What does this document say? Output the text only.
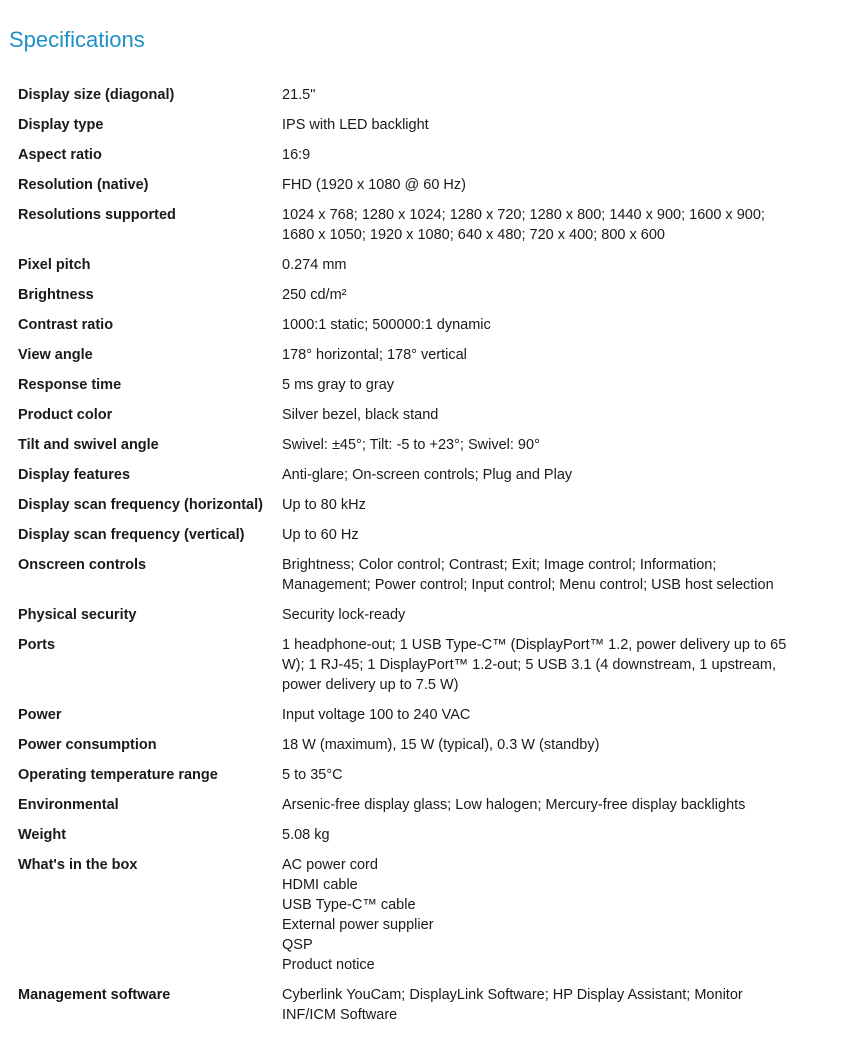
Specifications
Display size (diagonal)	21.5"
Display type	IPS with LED backlight
Aspect ratio	16:9
Resolution (native)	FHD (1920 x 1080 @ 60 Hz)
Resolutions supported	1024 x 768; 1280 x 1024; 1280 x 720; 1280 x 800; 1440 x 900; 1600 x 900;
1680 x 1050; 1920 x 1080; 640 x 480; 720 x 400; 800 x 600
Pixel pitch	0.274 mm
Brightness	250 cd/m²
Contrast ratio	1000:1 static; 500000:1 dynamic
View angle	178° horizontal; 178° vertical
Response time	5 ms gray to gray
Product color	Silver bezel, black stand
Tilt and swivel angle	Swivel: ±45°; Tilt: -5 to +23°; Swivel: 90°
Display features	Anti-glare; On-screen controls; Plug and Play
Display scan frequency (horizontal)	Up to 80 kHz
Display scan frequency (vertical)	Up to 60 Hz
Onscreen controls	Brightness; Color control; Contrast; Exit; Image control; Information;
Management; Power control; Input control; Menu control; USB host selection
Physical security	Security lock-ready
Ports	1 headphone-out; 1 USB Type-C™ (DisplayPort™ 1.2, power delivery up to 65
W); 1 RJ-45; 1 DisplayPort™ 1.2-out; 5 USB 3.1 (4 downstream, 1 upstream,
power delivery up to 7.5 W)
Power	Input voltage 100 to 240 VAC
Power consumption	18 W (maximum), 15 W (typical), 0.3 W (standby)
Operating temperature range	5 to 35°C
Environmental	Arsenic-free display glass; Low halogen; Mercury-free display backlights
Weight	5.08 kg
What's in the box	AC power cord
HDMI cable
USB Type-C™ cable
External power supplier
QSP
Product notice
Management software	Cyberlink YouCam; DisplayLink Software; HP Display Assistant; Monitor
INF/ICM Software
